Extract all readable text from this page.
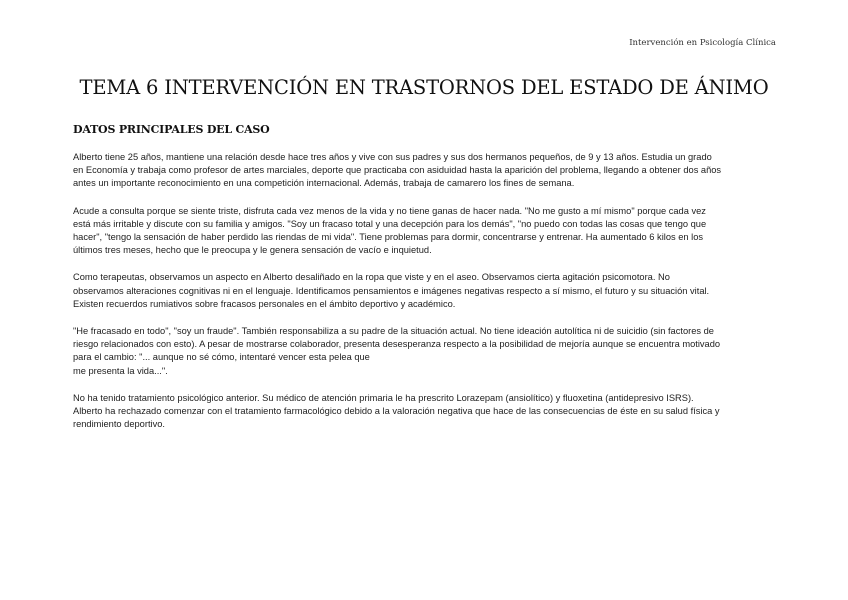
Intervención en Psicología Clínica
TEMA 6 INTERVENCIÓN EN TRASTORNOS DEL ESTADO DE ÁNIMO
DATOS PRINCIPALES DEL CASO

Alberto tiene 25 años, mantiene una relación desde hace tres años y vive con sus padres y sus dos hermanos pequeños, de 9 y 13 años. Estudia un grado
en Economía y trabaja como profesor de artes marciales, deporte que practicaba con asiduidad hasta la aparición del problema, llegando a obtener dos años
antes un importante reconocimiento en una competición internacional. Además, trabaja de camarero los fines de semana.

Acude a consulta porque se siente triste, disfruta cada vez menos de la vida y no tiene ganas de hacer nada. "No me gusto a mí mismo" porque cada vez
está más irritable y discute con su familia y amigos. "Soy un fracaso total y una decepción para los demás", "no puedo con todas las cosas que tengo que
hacer", "tengo la sensación de haber perdido las riendas de mi vida". Tiene problemas para dormir, concentrarse y entrenar. Ha aumentado 6 kilos en los
últimos tres meses, hecho que le preocupa y le genera sensación de vacío e inquietud.

Como terapeutas, observamos un aspecto en Alberto desaliñado en la ropa que viste y en el aseo. Observamos cierta agitación psicomotora. No
observamos alteraciones cognitivas ni en el lenguaje. Identificamos pensamientos e imágenes negativas respecto a sí mismo, el futuro y su situación vital.
Existen recuerdos rumiativos sobre fracasos personales en el ámbito deportivo y académico.

"He fracasado en todo", "soy un fraude". También responsabiliza a su padre de la situación actual. No tiene ideación autolítica ni de suicidio (sin factores de
riesgo relacionados con esto). A pesar de mostrarse colaborador, presenta desesperanza respecto a la posibilidad de mejoría aunque se encuentra motivado
para el cambio: "... aunque no sé cómo, intentaré vencer esta pelea que
me presenta la vida...".

No ha tenido tratamiento psicológico anterior. Su médico de atención primaria le ha prescrito Lorazepam (ansiolítico) y fluoxetina (antidepresivo ISRS).
Alberto ha rechazado comenzar con el tratamiento farmacológico debido a la valoración negativa que hace de las consecuencias de éste en su salud física y
rendimiento deportivo.
